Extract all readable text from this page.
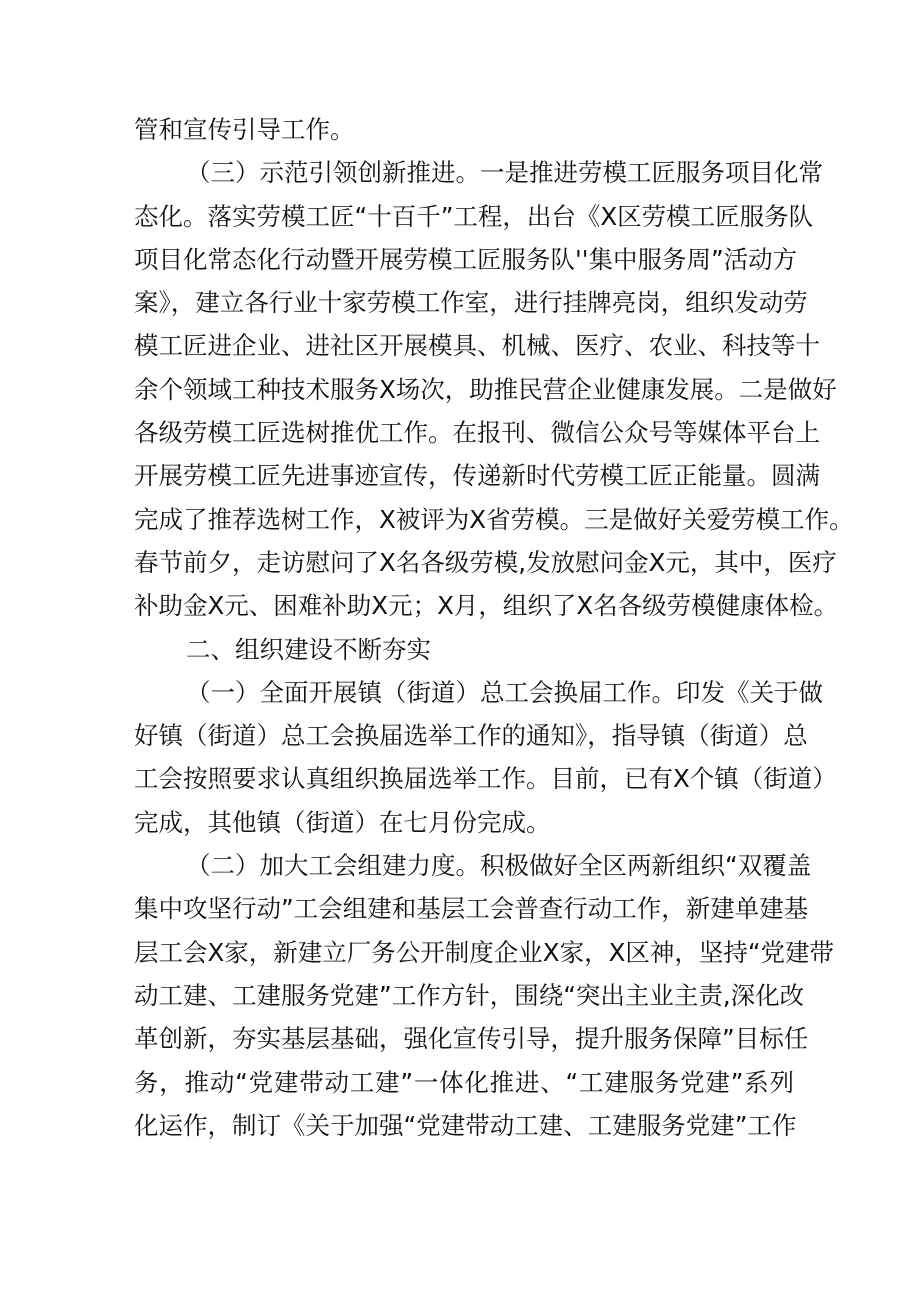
管和宣传引导工作。
（三）示范引领创新推进。一是推进劳模工匠服务项目化常
态化。落实劳模工匠“十百千”工程，出台《X区劳模工匠服务队
项目化常态化行动暨开展劳模工匠服务队''集中服务周”活动方
案》，建立各行业十家劳模工作室，进行挂牌亮岗，组织发动劳
模工匠进企业、进社区开展模具、机械、医疗、农业、科技等十
余个领域工种技术服务X场次，助推民营企业健康发展。二是做好
各级劳模工匠选树推优工作。在报刊、微信公众号等媒体平台上
开展劳模工匠先进事迹宣传，传递新时代劳模工匠正能量。圆满
完成了推荐选树工作，X被评为X省劳模。三是做好关爱劳模工作。
春节前夕，走访慰问了X名各级劳模,发放慰问金X元，其中，医疗
补助金X元、困难补助X元；X月，组织了X名各级劳模健康体检。
二、组织建设不断夯实
（一）全面开展镇（街道）总工会换届工作。印发《关于做
好镇（街道）总工会换届选举工作的通知》，指导镇（街道）总
工会按照要求认真组织换届选举工作。目前，已有X个镇（街道）
完成，其他镇（街道）在七月份完成。
（二）加大工会组建力度。积极做好全区两新组织“双覆盖
集中攻坚行动”工会组建和基层工会普查行动工作，新建单建基
层工会X家，新建立厂务公开制度企业X家，X区神，坚持“党建带
动工建、工建服务党建”工作方针，围绕“突出主业主责,深化改
革创新，夯实基层基础，强化宣传引导，提升服务保障”目标任
务，推动“党建带动工建”一体化推进、“工建服务党建”系列
化运作，制订《关于加强“党建带动工建、工建服务党建”工作
